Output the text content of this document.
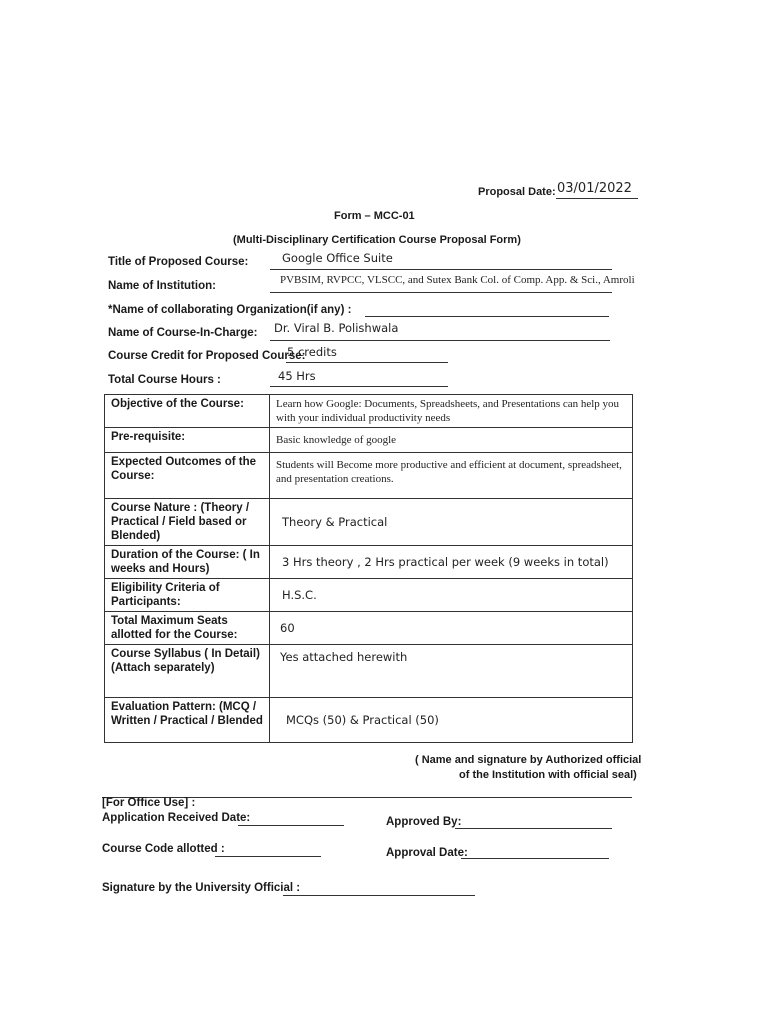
Proposal Date: 03/01/2022
Form – MCC-01
(Multi-Disciplinary Certification Course Proposal Form)
Title of Proposed Course:	Google Office Suite
Name of Institution:	PVBSIM, RVPCC, VLSCC, and Sutex Bank Col. of Comp. App. & Sci., Amroli
*Name of collaborating Organization(if any) :
Name of Course-In-Charge: Dr. Viral B. Polishwala
Course Credit for Proposed Course:
5 credits
Total Course Hours :	45 Hrs
Objective of the Course:	Learn how Google: Documents, Spreadsheets, and Presentations can help you with your individual productivity needs
Pre-requisite:	Basic knowledge of google
Expected Outcomes of the Course:	Students will Become more productive and efficient at document, spreadsheet, and presentation creations.
Course Nature : (Theory / Practical / Field based or Blended)	Theory & Practical
Duration of the Course: ( In weeks and Hours)	3 Hrs theory , 2 Hrs practical per week (9 weeks in total)
Eligibility Criteria of Participants:	H.S.C.
Total Maximum Seats allotted for the Course:	60
Course Syllabus ( In Detail) (Attach separately)	Yes attached herewith
Evaluation Pattern: (MCQ / Written / Practical / Blended	MCQs (50) & Practical (50)
( Name and signature by Authorized official
of the Institution with official seal)
[For Office Use] :
Application Received Date:	Approved By:
Course Code allotted :	Approval Date:
Signature by the University Official :
